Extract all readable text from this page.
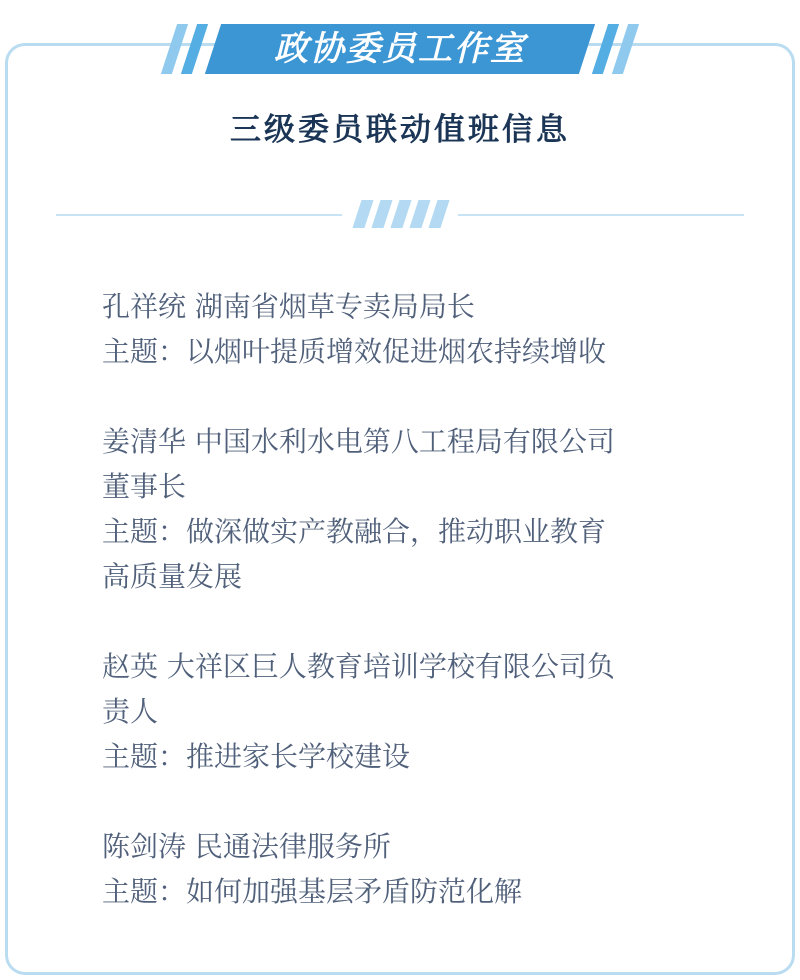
政协委员工作室
三级委员联动值班信息
孔祥统 湖南省烟草专卖局局长
主题：以烟叶提质增效促进烟农持续增收
姜清华 中国水利水电第八工程局有限公司
董事长
主题：做深做实产教融合，推动职业教育
高质量发展
赵英 大祥区巨人教育培训学校有限公司负
责人
主题：推进家长学校建设
陈剑涛 民通法律服务所
主题：如何加强基层矛盾防范化解
